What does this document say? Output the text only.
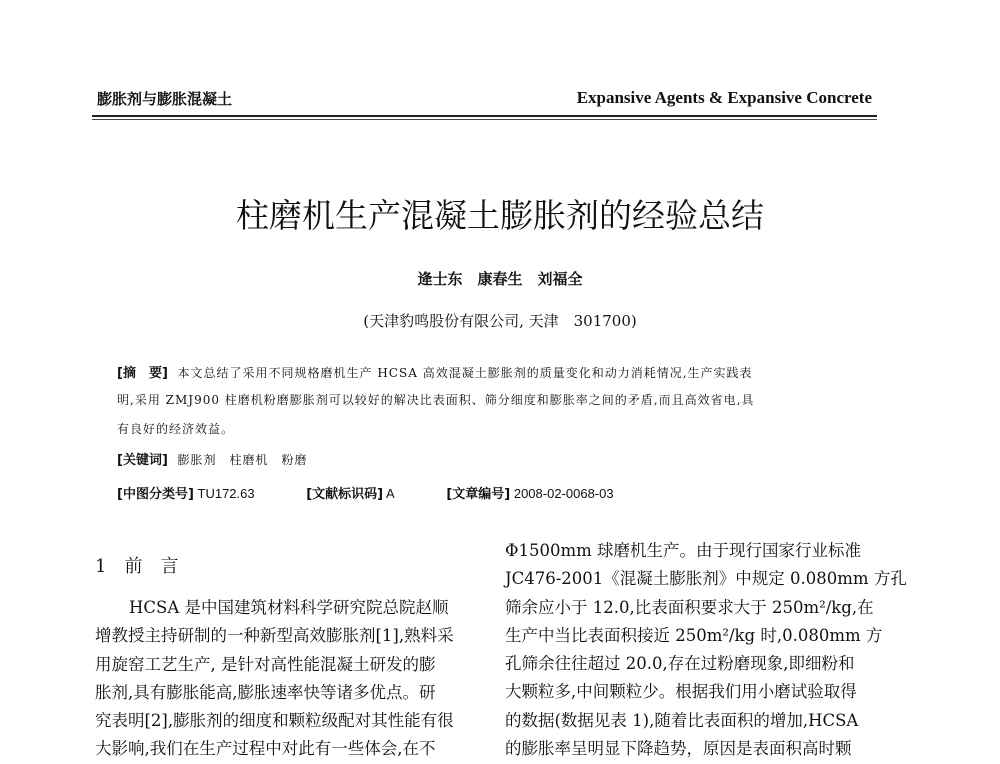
膨胀剂与膨胀混凝土	Expansive Agents & Expansive Concrete
柱磨机生产混凝土膨胀剂的经验总结
逄士东　康春生　刘福全
(天津豹鸣股份有限公司, 天津　301700)
[摘　要] 本文总结了采用不同规格磨机生产 HCSA 高效混凝土膨胀剂的质量变化和动力消耗情况,生产实践表
明,采用 ZMJ900 柱磨机粉磨膨胀剂可以较好的解决比表面积、筛分细度和膨胀率之间的矛盾,而且高效省电,具
有良好的经济效益。
[关键词] 膨胀剂　柱磨机　粉磨
[中图分类号] TU172.63	[文献标识码] A	[文章编号] 2008-02-0068-03
1 前　言
HCSA 是中国建筑材料科学研究院总院赵顺
增教授主持研制的一种新型高效膨胀剂[1],熟料采
用旋窑工艺生产, 是针对高性能混凝土研发的膨
胀剂,具有膨胀能高,膨胀速率快等诸多优点。研
究表明[2],膨胀剂的细度和颗粒级配对其性能有很
大影响,我们在生产过程中对此有一些体会,在不
Φ1500mm 球磨机生产。由于现行国家行业标准
JC476-2001《混凝土膨胀剂》中规定 0.080mm 方孔
筛余应小于 12.0,比表面积要求大于 250m²/kg,在
生产中当比表面积接近 250m²/kg 时,0.080mm 方
孔筛余往往超过 20.0,存在过粉磨现象,即细粉和
大颗粒多,中间颗粒少。根据我们用小磨试验取得
的数据(数据见表 1),随着比表面积的增加,HCSA
的膨胀率呈明显下降趋势，原因是表面积高时颗
